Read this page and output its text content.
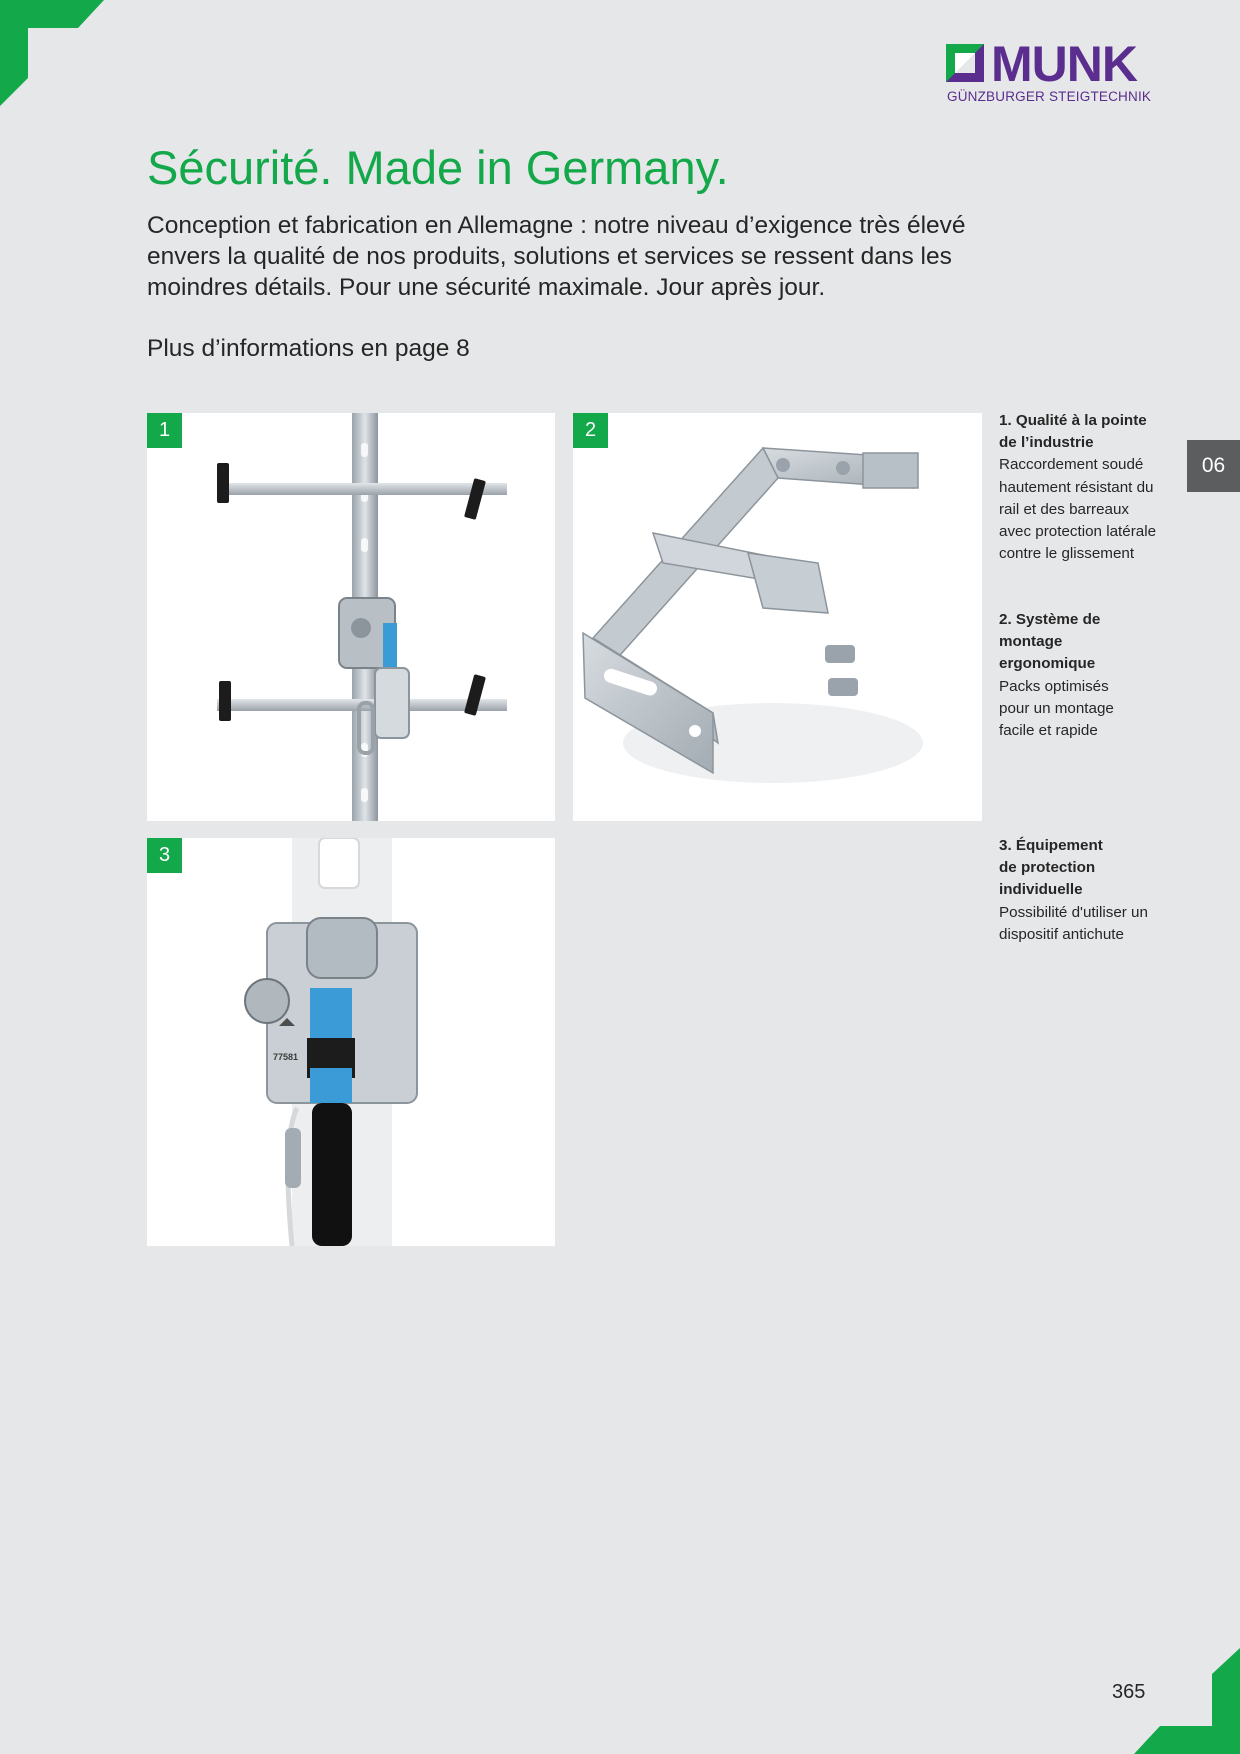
MUNK
GÜNZBURGER STEIGTECHNIK
Sécurité. Made in Germany.

Conception et fabrication en Allemagne : notre niveau d’exigence très élevé envers la qualité de nos produits, solutions et services se ressent dans les moindres détails. Pour une sécurité maximale. Jour après jour.

Plus d’informations en page 8

1	2
77581
3
1. Qualité à la pointe de l’industrie
Raccordement soudé hautement résistant du rail et des barreaux avec protection latérale contre le glissement
2. Système de montage ergonomique
Packs optimisés pour un montage facile et rapide
3. Équipement de protection individuelle
Possibilité d'utiliser un dispositif antichute
06
365
